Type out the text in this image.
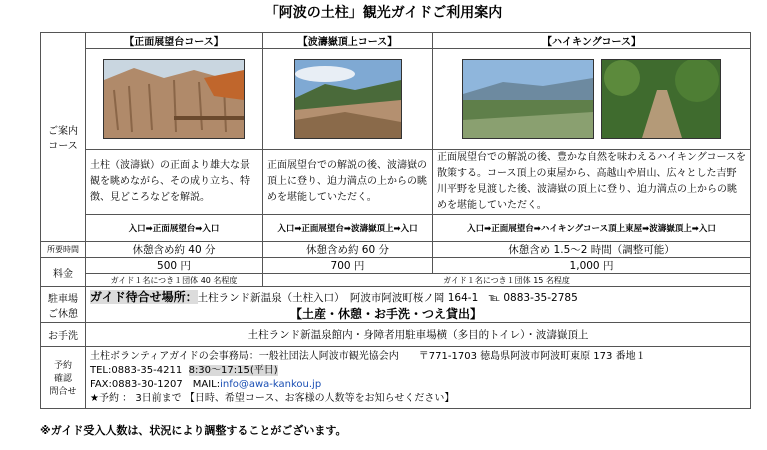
「阿波の土柱」観光ガイドご利用案内
ご案内
コース	【正面展望台コース】	【波濤嶽頂上コース】	【ハイキングコース】

	土柱（波濤嶽）の正面より雄大な景観を眺めながら、その成り立ち、特徴、見どころなどを解説。	正面展望台での解説の後、波濤嶽の頂上に登り、迫力満点の上からの眺めを堪能していただく。	正面展望台での解説の後、豊かな自然を味わえるハイキングコースを散策する。コース頂上の東屋から、高越山や眉山、広々とした吉野川平野を見渡した後、波濤嶽の頂上に登り、迫力満点の上からの眺めを堪能していただく。
	入口➡正面展望台➡入口	入口➡正面展望台➡波濤嶽頂上➡入口	入口➡正面展望台➡ハイキングコース頂上東屋➡波濤嶽頂上➡入口
所要時間	休憩含め約 40 分	休憩含め約 60 分	休憩含め 1.5～2 時間（調整可能）
料金	500 円	700 円	1,000 円
	ガイド１名につき１団体 40 名程度	ガイド１名につき１団体 15 名程度	
駐車場
ご休憩	ガイド待合せ場所：土柱ランド新温泉（土柱入口）　阿波市阿波町桜ノ岡 164-1　℡ 0883-35-2785
【土産・休憩・お手洗・つえ貸出】		
お手洗	土柱ランド新温泉館内・身障者用駐車場横（多目的トイレ）・波濤嶽頂上		
予約
確認
問合せ	土柱ボランティアガイドの会事務局：一般社団法人阿波市観光協会内　　〒771-1703 徳島県阿波市阿波町東原 173 番地１
TEL:0883-35-4211 8:30～17:15(平日)
FAX:0883-30-1207　MAIL:info@awa-kankou.jp
★予約 ： 3日前まで 【日時、希望コース、お客様の人数等をお知らせください】		
※ガイド受入人数は、状況により調整することがございます。
